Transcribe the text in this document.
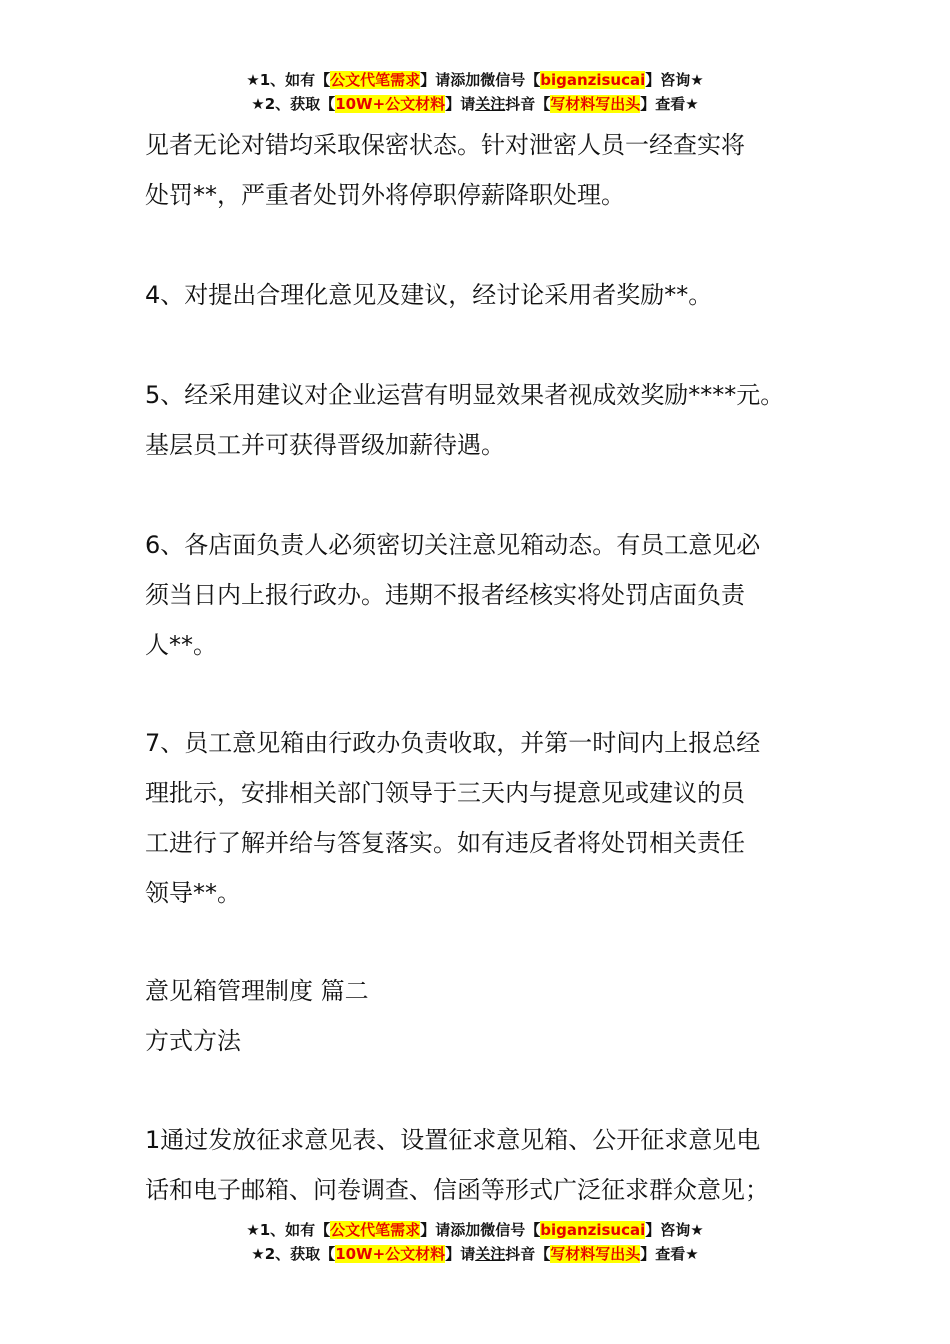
★1、如有【公文代笔需求】请添加微信号【biganzisucai】咨询★
★2、获取【10W+公文材料】请关注抖音【写材料写出头】查看★
见者无论对错均采取保密状态。针对泄密人员一经查实将
处罚**，严重者处罚外将停职停薪降职处理。
4、对提出合理化意见及建议，经讨论采用者奖励**。
5、经采用建议对企业运营有明显效果者视成效奖励****元。
基层员工并可获得晋级加薪待遇。
6、各店面负责人必须密切关注意见箱动态。有员工意见必
须当日内上报行政办。违期不报者经核实将处罚店面负责
人**。
7、员工意见箱由行政办负责收取，并第一时间内上报总经
理批示，安排相关部门领导于三天内与提意见或建议的员
工进行了解并给与答复落实。如有违反者将处罚相关责任
领导**。
意见箱管理制度 篇二
方式方法
1通过发放征求意见表、设置征求意见箱、公开征求意见电
话和电子邮箱、问卷调查、信函等形式广泛征求群众意见；
★1、如有【公文代笔需求】请添加微信号【biganzisucai】咨询★
★2、获取【10W+公文材料】请关注抖音【写材料写出头】查看★
